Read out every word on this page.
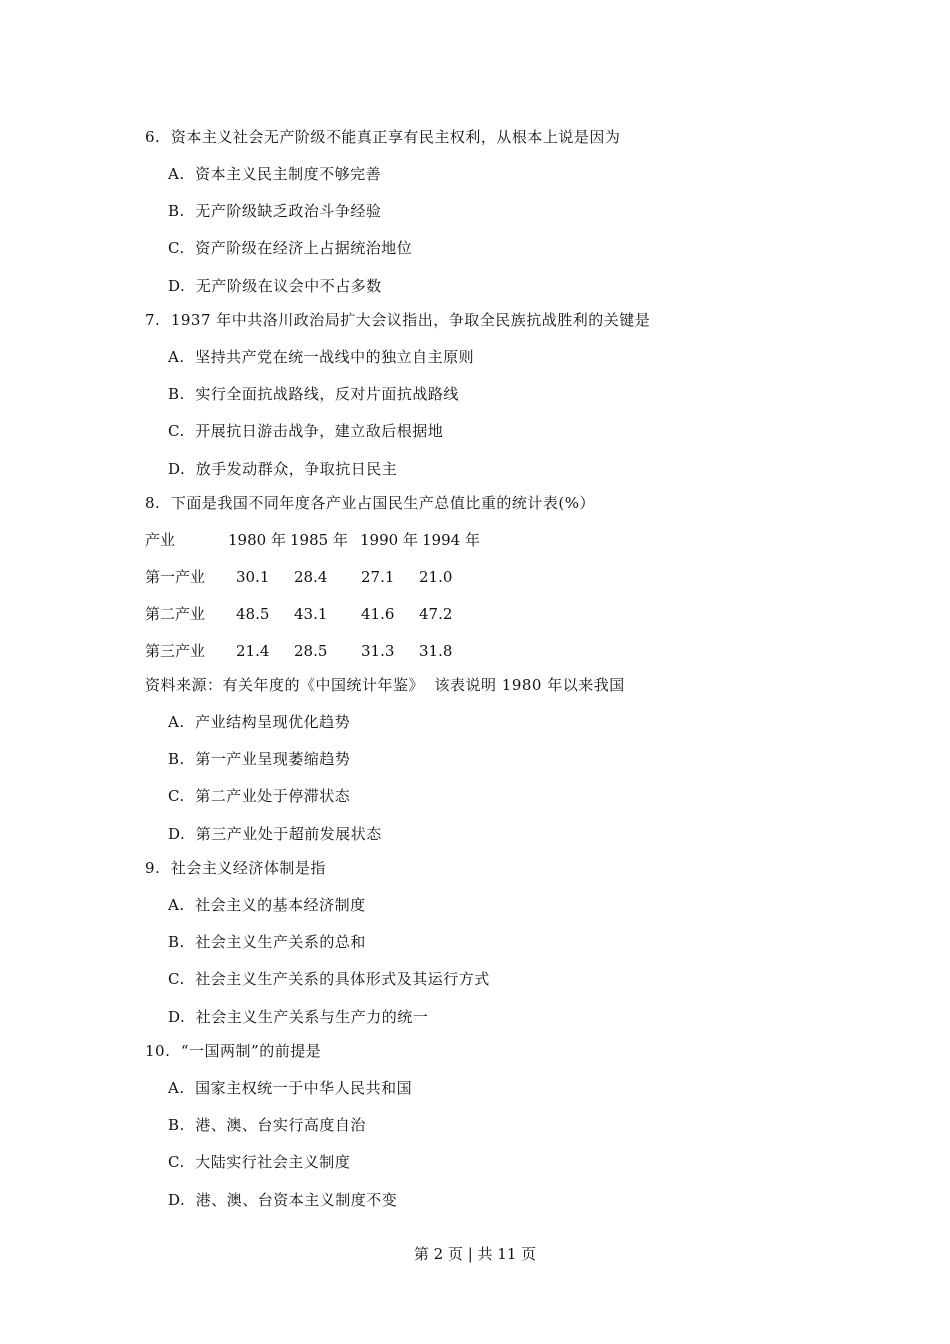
6.  资本主义社会无产阶级不能真正享有民主权利，从根本上说是因为
A.  资本主义民主制度不够完善
B.  无产阶级缺乏政治斗争经验
C.  资产阶级在经济上占据统治地位
D.  无产阶级在议会中不占多数
7.  1937 年中共洛川政治局扩大会议指出，争取全民族抗战胜利的关键是
A.  坚持共产党在统一战线中的独立自主原则
B.  实行全面抗战路线，反对片面抗战路线
C.  开展抗日游击战争，建立敌后根据地
D.  放手发动群众，争取抗日民主
8.  下面是我国不同年度各产业占国民生产总值比重的统计表(%）
产业	1980 年 1985 年 1990 年 1994 年
第一产业 30.1 28.4 27.1 21.0
第二产业 48.5 43.1 41.6 47.2
第三产业 21.4 28.5 31.3 31.8
资料来源：有关年度的《中国统计年鉴》  该表说明 1980 年以来我国
A.  产业结构呈现优化趋势
B.  第一产业呈现萎缩趋势
C.  第二产业处于停滞状态
D.  第三产业处于超前发展状态
9.  社会主义经济体制是指
A.  社会主义的基本经济制度
B.  社会主义生产关系的总和
C.  社会主义生产关系的具体形式及其运行方式
D.  社会主义生产关系与生产力的统一
10.  “一国两制”的前提是
A.  国家主权统一于中华人民共和国
B.  港、澳、台实行高度自治
C.  大陆实行社会主义制度
D.  港、澳、台资本主义制度不变
第 2 页 | 共 11 页
